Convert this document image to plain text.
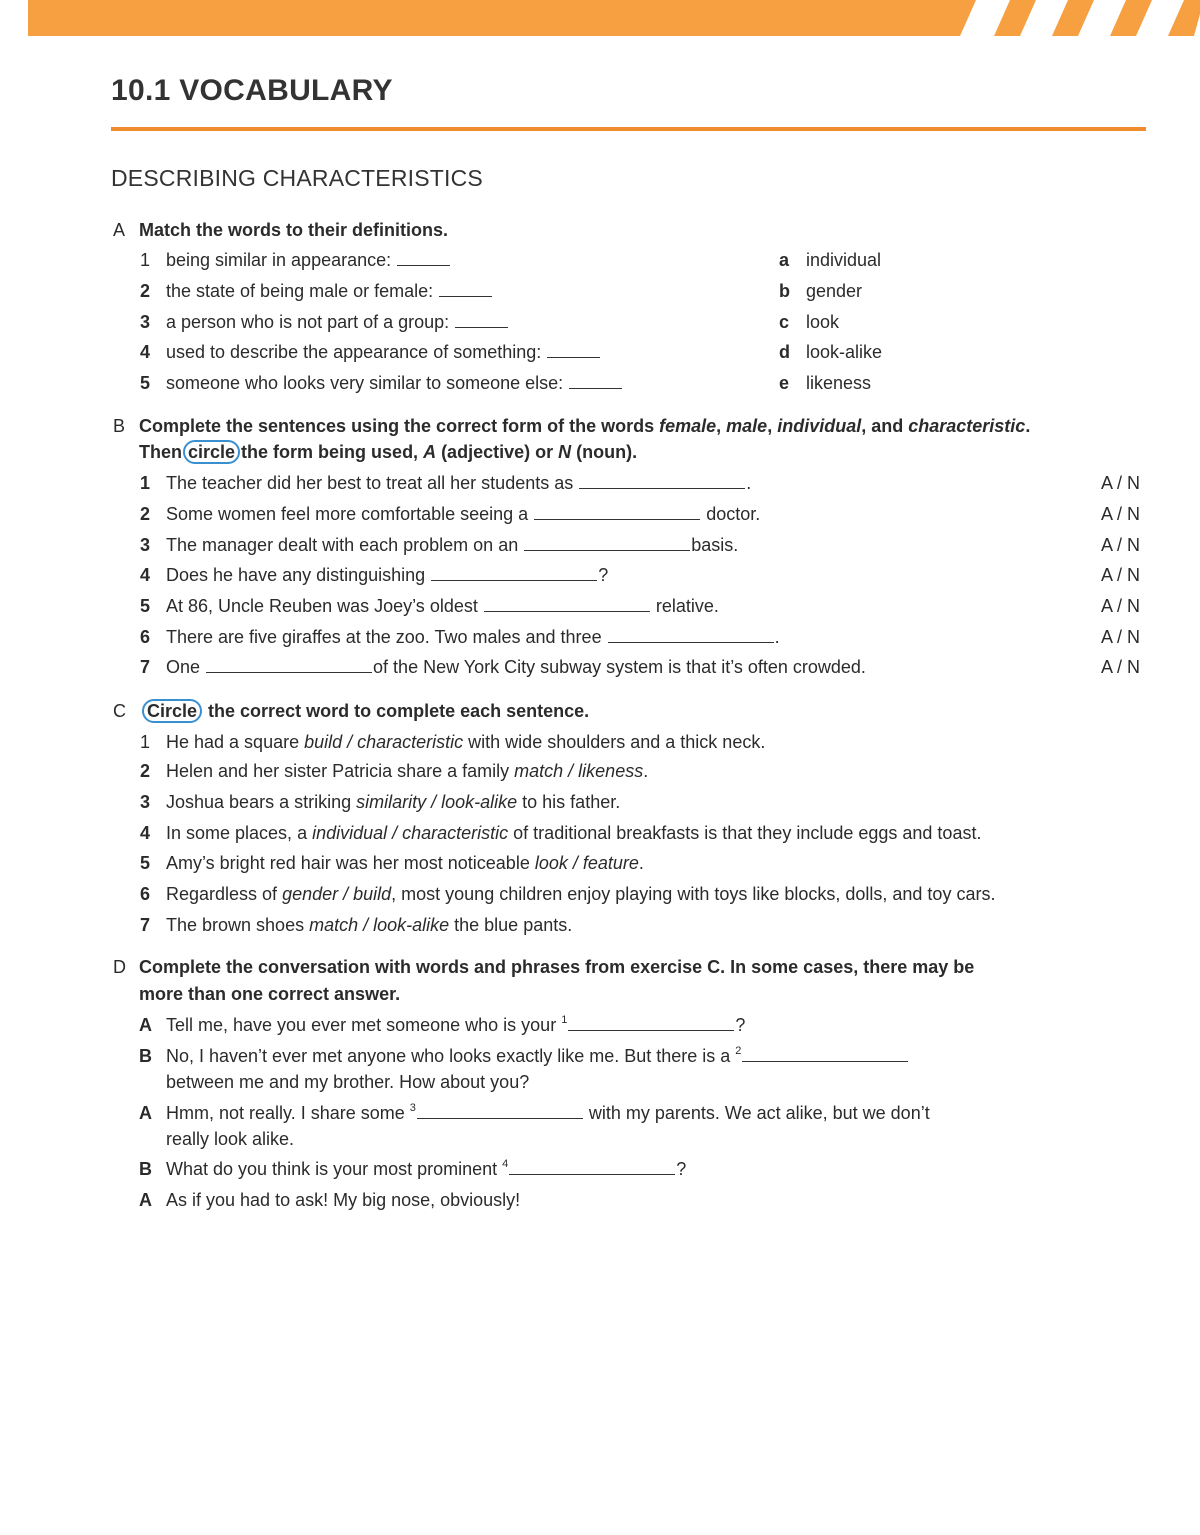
10.1 VOCABULARY
DESCRIBING CHARACTERISTICS
A Match the words to their definitions.
1 being similar in appearance:	a individual
2 the state of being male or female:	b gender
3 a person who is not part of a group:	c look
4 used to describe the appearance of something:	d look-alike
5 someone who looks very similar to someone else:	e likeness
B Complete the sentences using the correct form of the words female, male, individual, and characteristic.
Then circle the form being used, A (adjective) or N (noun).
1 The teacher did her best to treat all her students as	.	A / N
2 Some women feel more comfortable seeing a	doctor.	A / N
3 The manager dealt with each problem on an	basis.	A / N
4 Does he have any distinguishing	?	A / N
5 At 86, Uncle Reuben was Joey’s oldest	relative.	A / N
6 There are five giraffes at the zoo. Two males and three	.	A / N
7 One	of the New York City subway system is that it’s often crowded.	A / N
C	Circle the correct word to complete each sentence.
1 He had a square build / characteristic with wide shoulders and a thick neck.
2 Helen and her sister Patricia share a family match / likeness.
3 Joshua bears a striking similarity / look-alike to his father.
4 In some places, a individual / characteristic of traditional breakfasts is that they include eggs and toast.
5 Amy’s bright red hair was her most noticeable look / feature.
6 Regardless of gender / build, most young children enjoy playing with toys like blocks, dolls, and toy cars.
7 The brown shoes match / look-alike the blue pants.
D Complete the conversation with words and phrases from exercise C. In some cases, there may be
more than one correct answer.
A Tell me, have you ever met someone who is your $^1$	?
B No, I haven’t ever met anyone who looks exactly like me. But there is a $^2$
between me and my brother. How about you?
A Hmm, not really. I share some $^3$	with my parents. We act alike, but we don’t
really look alike.
B What do you think is your most prominent $^4$	?
A As if you had to ask! My big nose, obviously!
